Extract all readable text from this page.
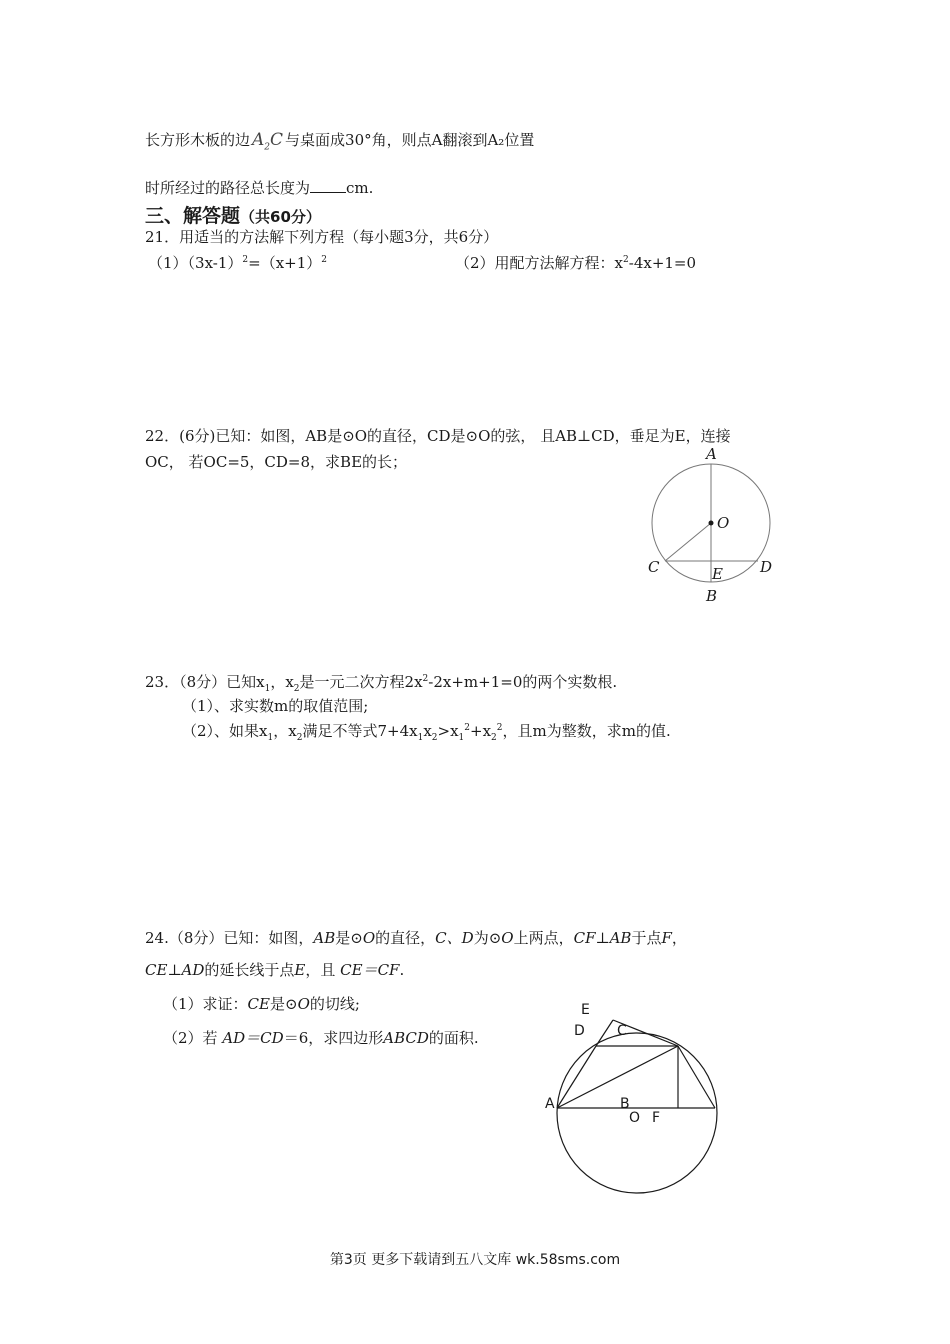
长方形木板的边 $A_2C$ 与桌面成30°角，则点A翻滚到A₂位置
时所经过的路径总长度为 cm.
三、解答题（共60分）
21．用适当的方法解下列方程（每小题3分，共6分）
$(1)(3x-1)^2=(x+1)^2$	（2）用配方法解方程：$x^2-4x+1=0$
22．(6分)已知：如图，AB是⊙O的直径，CD是⊙O的弦， 且AB⊥CD，垂足为E，连接
OC， 若OC=5，CD=8，求BE的长；	A
O
C	E D
B
23．（8分）已知$x_1$，$x_2$是一元二次方程$2x^2-2x+m+1=0$的两个实数根.
（1）、求实数m的取值范围;
（2）、如果$x_1$，$x_2$满足不等式$7+4x_1x_2>x_1^2+x_2^2$，且m为整数，求m的值.
24.（8分）已知：如图，AB是⊙O的直径，C、D为⊙O上两点，CF⊥AB于点F，
CE⊥AD的延长线于点E，且 CE＝CF.
（1）求证：CE是⊙O的切线;
（2）若 AD＝CD＝6，求四边形ABCD的面积.
E
D C
A	B
O F
第3页 更多下载请到五八文库 wk.58sms.com
